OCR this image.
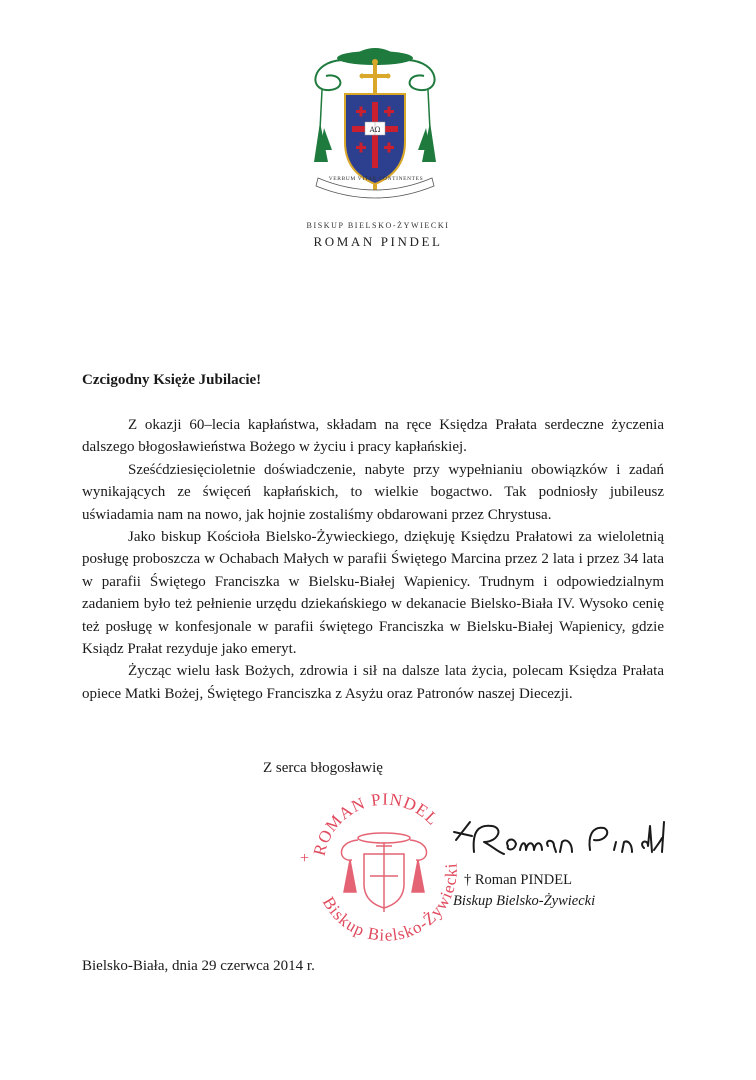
ΑΩ
VERBUM VITAE CONTINENTES
BISKUP BIELSKO-ŻYWIECKI
ROMAN PINDEL
Czcigodny Księże Jubilacie!

Z okazji 60–lecia kapłaństwa, składam na ręce Księdza Prałata serdeczne życzenia dalszego błogosławieństwa Bożego w życiu i pracy kapłańskiej.

Sześćdziesięcioletnie doświadczenie, nabyte przy wypełnianiu obowiązków i zadań wynikających ze święceń kapłańskich, to wielkie bogactwo. Tak podniosły jubileusz uświadamia nam na nowo, jak hojnie zostaliśmy obdarowani przez Chrystusa.

Jako biskup Kościoła Bielsko-Żywieckiego, dziękuję Księdzu Prałatowi za wieloletnią posługę proboszcza w Ochabach Małych w parafii Świętego Marcina przez 2 lata i przez 34 lata w parafii Świętego Franciszka w Bielsku-Białej Wapienicy. Trudnym i odpowiedzialnym zadaniem było też pełnienie urzędu dziekańskiego w dekanacie Bielsko-Biała IV. Wysoko cenię też posługę w konfesjonale w parafii świętego Franciszka w Bielsku-Białej Wapienicy, gdzie Ksiądz Prałat rezyduje jako emeryt.

Życząc wielu łask Bożych, zdrowia i sił na dalsze lata życia, polecam Księdza Prałata opiece Matki Bożej, Świętego Franciszka z Asyżu oraz Patronów naszej Diecezji.

Z serca błogosławię
ROMAN PINDEL
Biskup Bielsko-Żywiecki
+
† Roman PINDEL
Biskup Bielsko-Żywiecki
Bielsko-Biała, dnia 29 czerwca 2014 r.
